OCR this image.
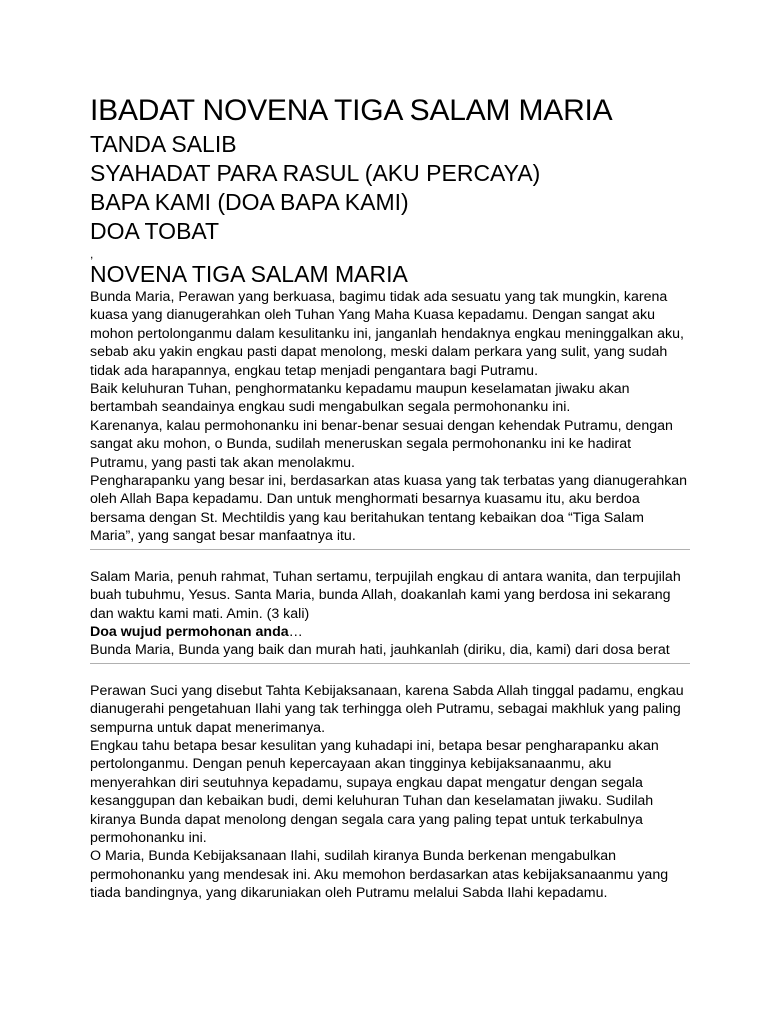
IBADAT NOVENA TIGA SALAM MARIA
TANDA SALIB
SYAHADAT PARA RASUL (AKU PERCAYA)
BAPA KAMI (DOA BAPA KAMI)
DOA TOBAT
,
NOVENA TIGA SALAM MARIA

Bunda Maria, Perawan yang berkuasa, bagimu tidak ada sesuatu yang tak mungkin, karena kuasa yang dianugerahkan oleh Tuhan Yang Maha Kuasa kepadamu. Dengan sangat aku mohon pertolonganmu dalam kesulitanku ini, janganlah hendaknya engkau meninggalkan aku, sebab aku yakin engkau pasti dapat menolong, meski dalam perkara yang sulit, yang sudah tidak ada harapannya, engkau tetap menjadi pengantara bagi Putramu.

Baik keluhuran Tuhan, penghormatanku kepadamu maupun keselamatan jiwaku akan bertambah seandainya engkau sudi mengabulkan segala permohonanku ini.

Karenanya, kalau permohonanku ini benar-benar sesuai dengan kehendak Putramu, dengan sangat aku mohon, o Bunda, sudilah meneruskan segala permohonanku ini ke hadirat Putramu, yang pasti tak akan menolakmu.

Pengharapanku yang besar ini, berdasarkan atas kuasa yang tak terbatas yang dianugerahkan oleh Allah Bapa kepadamu. Dan untuk menghormati besarnya kuasamu itu, aku berdoa bersama dengan St. Mechtildis yang kau beritahukan tentang kebaikan doa “Tiga Salam Maria”, yang sangat besar manfaatnya itu.

Salam Maria, penuh rahmat, Tuhan sertamu, terpujilah engkau di antara wanita, dan terpujilah buah tubuhmu, Yesus. Santa Maria, bunda Allah, doakanlah kami yang berdosa ini sekarang dan waktu kami mati. Amin. (3 kali)

Doa wujud permohonan anda…

Bunda Maria, Bunda yang baik dan murah hati, jauhkanlah (diriku, dia, kami) dari dosa berat

Perawan Suci yang disebut Tahta Kebijaksanaan, karena Sabda Allah tinggal padamu, engkau dianugerahi pengetahuan Ilahi yang tak terhingga oleh Putramu, sebagai makhluk yang paling sempurna untuk dapat menerimanya.

Engkau tahu betapa besar kesulitan yang kuhadapi ini, betapa besar pengharapanku akan pertolonganmu. Dengan penuh kepercayaan akan tingginya kebijaksanaanmu, aku menyerahkan diri seutuhnya kepadamu, supaya engkau dapat mengatur dengan segala kesanggupan dan kebaikan budi, demi keluhuran Tuhan dan keselamatan jiwaku. Sudilah kiranya Bunda dapat menolong dengan segala cara yang paling tepat untuk terkabulnya permohonanku ini.

O Maria, Bunda Kebijaksanaan Ilahi, sudilah kiranya Bunda berkenan mengabulkan permohonanku yang mendesak ini. Aku memohon berdasarkan atas kebijaksanaanmu yang tiada bandingnya, yang dikaruniakan oleh Putramu melalui Sabda Ilahi kepadamu.
